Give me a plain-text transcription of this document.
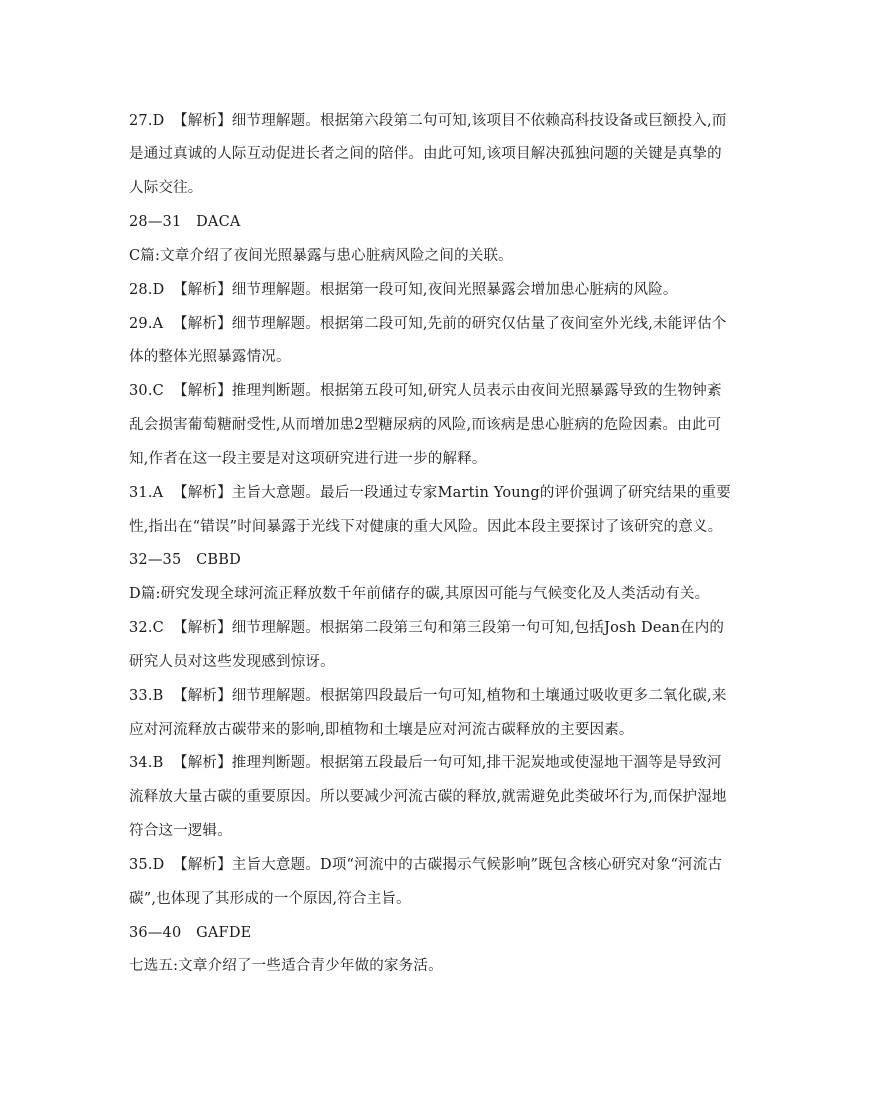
27.D 【解析】细节理解题。根据第六段第二句可知,该项目不依赖高科技设备或巨额投入,而
是通过真诚的人际互动促进长者之间的陪伴。由此可知,该项目解决孤独问题的关键是真挚的
人际交往。
28—31　DACA
C篇:文章介绍了夜间光照暴露与患心脏病风险之间的关联。
28.D 【解析】细节理解题。根据第一段可知,夜间光照暴露会增加患心脏病的风险。
29.A 【解析】细节理解题。根据第二段可知,先前的研究仅估量了夜间室外光线,未能评估个
体的整体光照暴露情况。
30.C 【解析】推理判断题。根据第五段可知,研究人员表示由夜间光照暴露导致的生物钟紊
乱会损害葡萄糖耐受性,从而增加患2型糖尿病的风险,而该病是患心脏病的危险因素。由此可
知,作者在这一段主要是对这项研究进行进一步的解释。
31.A 【解析】主旨大意题。最后一段通过专家Martin Young的评价强调了研究结果的重要
性,指出在“错误”时间暴露于光线下对健康的重大风险。因此本段主要探讨了该研究的意义。
32—35　CBBD
D篇:研究发现全球河流正释放数千年前储存的碳,其原因可能与气候变化及人类活动有关。
32.C 【解析】细节理解题。根据第二段第三句和第三段第一句可知,包括Josh Dean在内的
研究人员对这些发现感到惊讶。
33.B 【解析】细节理解题。根据第四段最后一句可知,植物和土壤通过吸收更多二氧化碳,来
应对河流释放古碳带来的影响,即植物和土壤是应对河流古碳释放的主要因素。
34.B 【解析】推理判断题。根据第五段最后一句可知,排干泥炭地或使湿地干涸等是导致河
流释放大量古碳的重要原因。所以要减少河流古碳的释放,就需避免此类破坏行为,而保护湿地
符合这一逻辑。
35.D 【解析】主旨大意题。D项“河流中的古碳揭示气候影响”既包含核心研究对象“河流古
碳”,也体现了其形成的一个原因,符合主旨。
36—40　GAFDE
七选五:文章介绍了一些适合青少年做的家务活。
